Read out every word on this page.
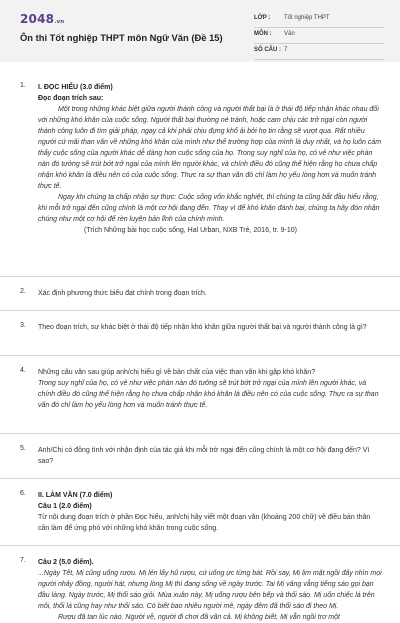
2048.vn
Ôn thi Tốt nghiệp THPT môn Ngữ Văn (Đề 15)
LỚP : Tốt nghiệp THPT
MÔN : Văn
SỐ CÂU : 7
1. I. ĐỌC HIỂU (3.0 điểm)

Đọc đoạn trích sau:

Một trong những khác biệt giữa người thành công và người thất bại là ở thái độ tiếp nhận khác nhau đối với những khó khăn của cuộc sống. Người thất bại thường né tránh, hoặc cam chịu các trở ngại còn người thành công luôn đi tìm giải pháp, ngay cả khi phải chịu đựng khổ ải bởi họ tin rằng sẽ vượt qua. Rất nhiều người cứ mãi than vãn về những khó khăn của mình như thể trường hợp của mình là duy nhất, và họ luôn cảm thấy cuộc sống của người khác dễ dàng hơn cuộc sống của họ. Trong suy nghĩ của họ, có vẻ như việc phàn nàn đó tưởng sẽ trút bớt trở ngại của mình lên người khác, và chính điều đó cũng thể hiện rằng họ chưa chấp nhận khó khăn là điều nên có của cuộc sống. Thực ra sự than vãn đó chỉ làm họ yếu lòng hơn và muốn tránh thực tế.

Ngay khi chúng ta chấp nhận sự thực: Cuộc sống vốn khắc nghiệt, thì chúng ta cũng bắt đầu hiểu rằng, khi mỗi trở ngại đến cũng chính là một cơ hội đang đến. Thay vì để khó khăn đánh bại, chúng ta hãy đón nhận chúng như một cơ hội để rèn luyện bản lĩnh của chính mình.

(Trích Những bài học cuộc sống, Hal Urban, NXB Trẻ, 2016, tr. 9-10)

2. Xác định phương thức biểu đạt chính trong đoạn trích.
3. Theo đoạn trích, sự khác biệt ở thái độ tiếp nhận khó khăn giữa người thất bại và người thành công là gì?
4. Những câu văn sau giúp anh/chị hiểu gì về bản chất của việc than vãn khi gặp khó khăn?

Trong suy nghĩ của họ, có vẻ như việc phàn nàn đó tưởng sẽ trút bớt trở ngại của mình lên người khác, và chính điều đó cũng thể hiện rằng họ chưa chấp nhận khó khăn là điều nên có của cuộc sống. Thực ra sự than vãn đó chỉ làm họ yếu lòng hơn và muốn tránh thực tế.

5. Anh/Chị có đồng tình với nhận định của tác giả khi mỗi trở ngại đến cũng chính là một cơ hội đang đến? Vì sao?
6. II. LÀM VĂN (7.0 điểm)

Câu 1 (2.0 điểm)

Từ nội dung đoạn trích ở phần Đọc hiểu, anh/chị hãy viết một đoạn văn (khoảng 200 chữ) về điều bản thân cần làm để ứng phó với những khó khăn trong cuộc sống.

7. Câu 2 (5.0 điểm).

...Ngày Tết, Mị cũng uống rượu. Mị lén lấy hũ rượu, cứ uống ực từng bát. Rồi say, Mị lịm mặt ngồi đấy nhìn mọi người nhảy đồng, người hát, nhưng lòng Mị thì đang sống về ngày trước. Tai Mị văng vẳng tiếng sáo gọi bạn đầu làng. Ngày trước, Mị thổi sáo giỏi. Mùa xuân này, Mị uống rượu bên bếp và thổi sáo. Mị uốn chiếc lá trên môi, thổi lá cũng hay như thổi sáo. Có biết bao nhiêu người mê, ngày đêm đã thổi sáo đi theo Mị.

Rượu đã tan lúc nào. Người về, người đi chơi đã vãn cả. Mị không biết, Mị vẫn ngồi trơ một
